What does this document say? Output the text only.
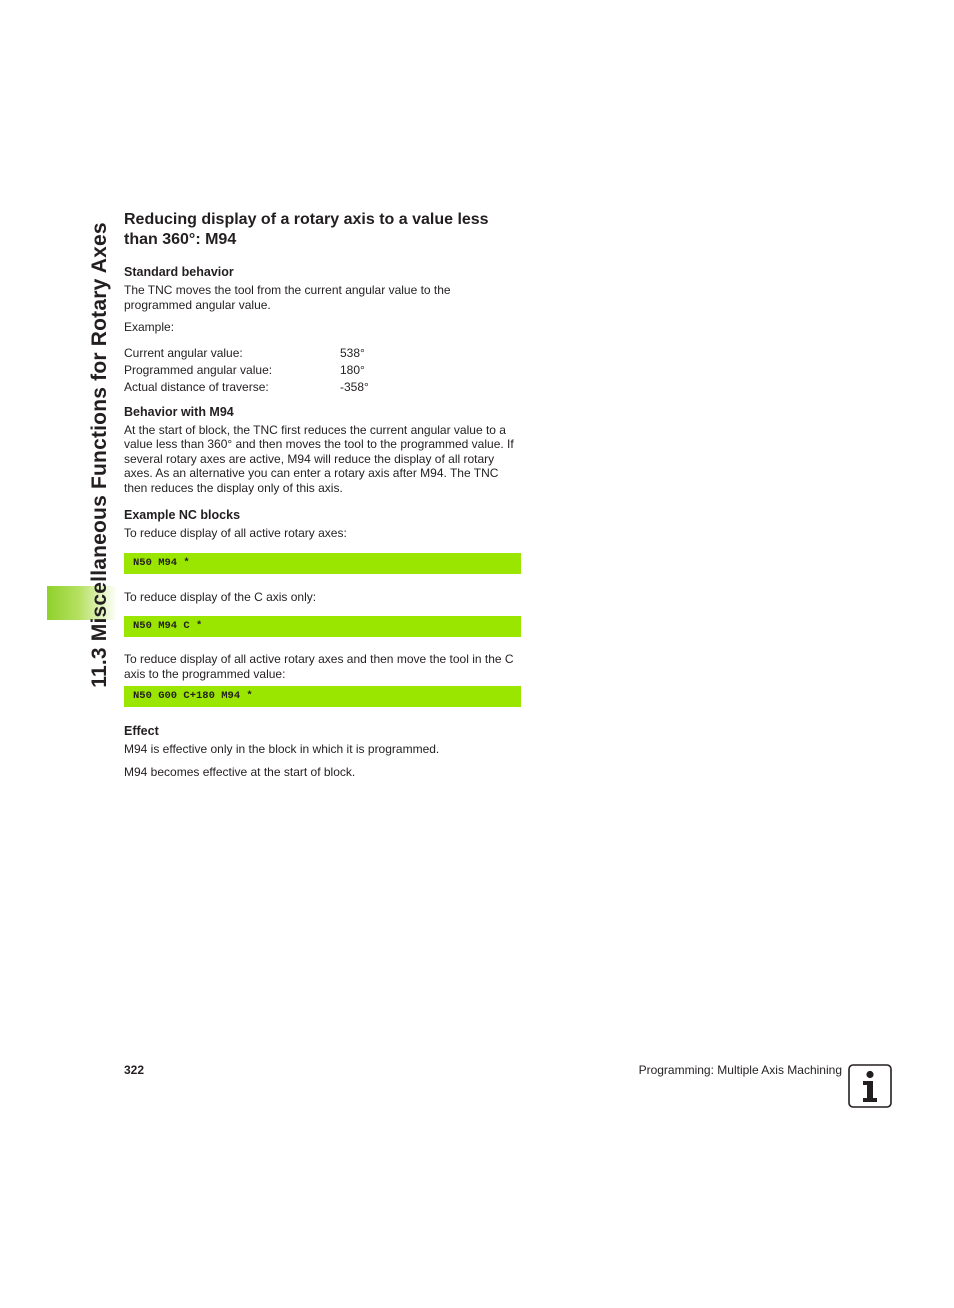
11.3 Miscellaneous Functions for Rotary Axes
Reducing display of a rotary axis to a value less than 360°: M94
Standard behavior

The TNC moves the tool from the current angular value to the programmed angular value.

Example:

Current angular value:	538°
Programmed angular value:	180°
Actual distance of traverse:	-358°
Behavior with M94

At the start of block, the TNC first reduces the current angular value to a value less than 360° and then moves the tool to the programmed value. If several rotary axes are active, M94 will reduce the display of all rotary axes. As an alternative you can enter a rotary axis after M94. The TNC then reduces the display only of this axis.

Example NC blocks

To reduce display of all active rotary axes:

N50 M94 *

To reduce display of the C axis only:

N50 M94 C *

To reduce display of all active rotary axes and then move the tool in the C axis to the programmed value:

N50 G00 C+180 M94 *
Effect

M94 is effective only in the block in which it is programmed.

M94 becomes effective at the start of block.

322	Programming: Multiple Axis Machining
